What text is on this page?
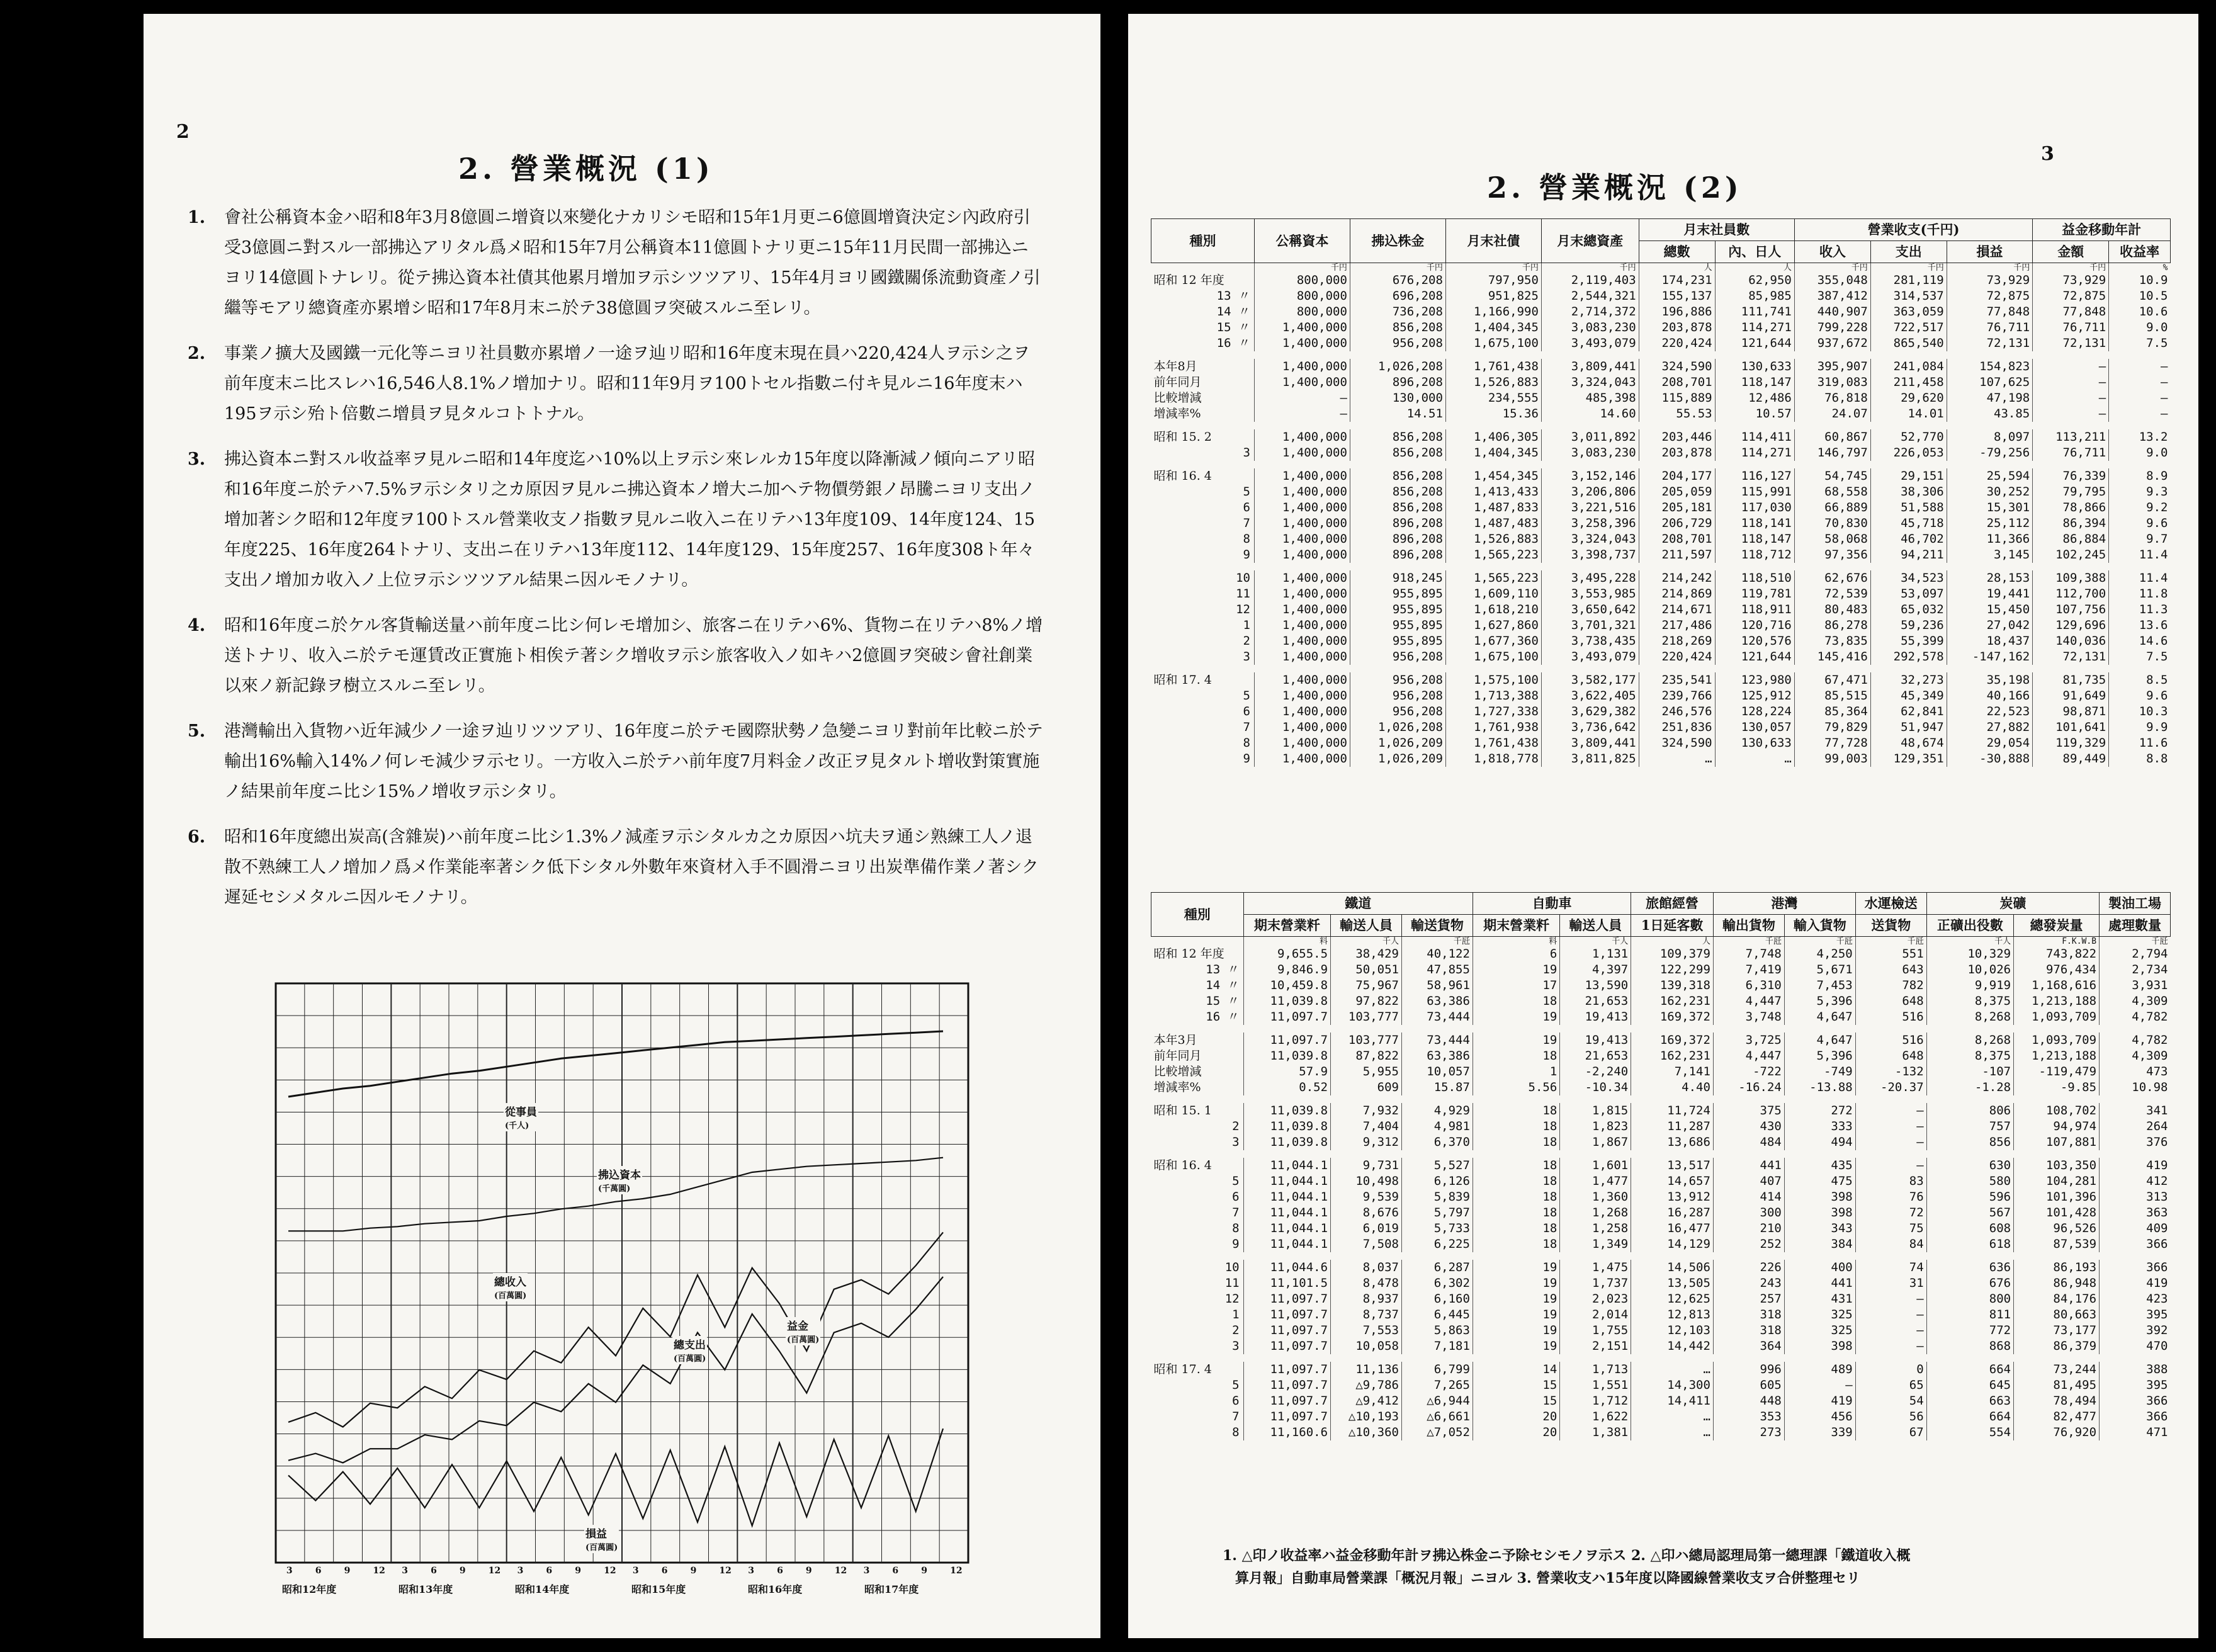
2
2. 營業概況 (1)
1. 會社公稱資本金ハ昭和8年3月8億圓ニ增資以來變化ナカリシモ昭和15年1月更ニ6億圓增資決定シ內政府引受3億圓ニ對スル一部拂込アリタル爲メ昭和15年7月公稱資本11億圓トナリ更ニ15年11月民間一部拂込ニヨリ14億圓トナレリ。從テ拂込資本社債其他累月增加ヲ示シツツアリ、15年4月ヨリ國鐵關係流動資產ノ引繼等モアリ總資產亦累增シ昭和17年8月末ニ於テ38億圓ヲ突破スルニ至レリ。
2. 事業ノ擴大及國鐵一元化等ニヨリ社員數亦累增ノ一途ヲ辿リ昭和16年度末現在員ハ220,424人ヲ示シ之ヲ前年度末ニ比スレハ16,546人8.1%ノ增加ナリ。昭和11年9月ヲ100トセル指數ニ付キ見ルニ16年度末ハ195ヲ示シ殆ト倍數ニ增員ヲ見タルコトトナル。
3. 拂込資本ニ對スル收益率ヲ見ルニ昭和14年度迄ハ10%以上ヲ示シ來レルカ15年度以降漸減ノ傾向ニアリ昭和16年度ニ於テハ7.5%ヲ示シタリ之カ原因ヲ見ルニ拂込資本ノ增大ニ加ヘテ物價勞銀ノ昂騰ニヨリ支出ノ增加著シク昭和12年度ヲ100トスル營業收支ノ指數ヲ見ルニ收入ニ在リテハ13年度109、14年度124、15年度225、16年度264トナリ、支出ニ在リテハ13年度112、14年度129、15年度257、16年度308ト年々支出ノ增加カ收入ノ上位ヲ示シツツアル結果ニ因ルモノナリ。
4. 昭和16年度ニ於ケル客貨輸送量ハ前年度ニ比シ何レモ增加シ、旅客ニ在リテハ6%、貨物ニ在リテハ8%ノ增送トナリ、收入ニ於テモ運賃改正實施ト相俟テ著シク增收ヲ示シ旅客收入ノ如キハ2億圓ヲ突破シ會社創業以來ノ新記錄ヲ樹立スルニ至レリ。
5. 港灣輸出入貨物ハ近年減少ノ一途ヲ辿リツツアリ、16年度ニ於テモ國際狀勢ノ急變ニヨリ對前年比較ニ於テ輸出16%輸入14%ノ何レモ減少ヲ示セリ。一方收入ニ於テハ前年度7月料金ノ改正ヲ見タルト增收對策實施ノ結果前年度ニ比シ15%ノ增收ヲ示シタリ。
6. 昭和16年度總出炭高(含雜炭)ハ前年度ニ比シ1.3%ノ減產ヲ示シタルカ之カ原因ハ坑夫ヲ通シ熟練工人ノ退散不熟練工人ノ增加ノ爲メ作業能率著シク低下シタル外數年來資材入手不圓滑ニヨリ出炭準備作業ノ著シク遲延セシメタルニ因ルモノナリ。
從事員
(千人)
拂込資本
(千萬圓)
總收入
(百萬圓)
總支出
(百萬圓)
益金
(百萬圓)
損益
(百萬圓)
昭和12年度	昭和13年度	昭和14年度	昭和15年度	昭和16年度	昭和17年度
3	6	9	12 3	6	9	12 3	6	9	12 3	6	9	12 3	6	9	12 3	6	9	12
3
2. 營業概況 (2)
種別	公稱資本	拂込株金	月末社債	月末總資產	月末社員數		營業收支(千円)			益金移動年計	
					總數	內、日人	收入	支出	損益	金額	收益率
	千円	千円	千円	千円	人	人	千円	千円	千円	千円	%
昭和 12 年度	800,000	676,208	797,950	2,119,403	174,231	62,950	355,048	281,119	73,929	73,929	10.9
13 〃	800,000	696,208	951,825	2,544,321	155,137	85,985	387,412	314,537	72,875	72,875	10.5
14 〃	800,000	736,208	1,166,990	2,714,372	196,886	111,741	440,907	363,059	77,848	77,848	10.6
15 〃	1,400,000	856,208	1,404,345	3,083,230	203,878	114,271	799,228	722,517	76,711	76,711	9.0
16 〃	1,400,000	956,208	1,675,100	3,493,079	220,424	121,644	937,672	865,540	72,131	72,131	7.5

本年8月	1,400,000	1,026,208	1,761,438	3,809,441	324,590	130,633	395,907	241,084	154,823	—	—
前年同月	1,400,000	896,208	1,526,883	3,324,043	208,701	118,147	319,083	211,458	107,625	—	—
比較增減	—	130,000	234,555	485,398	115,889	12,486	76,818	29,620	47,198	—	—
增減率%	—	14.51	15.36	14.60	55.53	10.57	24.07	14.01	43.85	—	—

昭和 15. 2	1,400,000	856,208	1,406,305	3,011,892	203,446	114,411	60,867	52,770	8,097	113,211	13.2
3	1,400,000	856,208	1,404,345	3,083,230	203,878	114,271	146,797	226,053	-79,256	76,711	9.0

昭和 16. 4	1,400,000	856,208	1,454,345	3,152,146	204,177	116,127	54,745	29,151	25,594	76,339	8.9
5	1,400,000	856,208	1,413,433	3,206,806	205,059	115,991	68,558	38,306	30,252	79,795	9.3
6	1,400,000	856,208	1,487,833	3,221,516	205,181	117,030	66,889	51,588	15,301	78,866	9.2
7	1,400,000	896,208	1,487,483	3,258,396	206,729	118,141	70,830	45,718	25,112	86,394	9.6
8	1,400,000	896,208	1,526,883	3,324,043	208,701	118,147	58,068	46,702	11,366	86,884	9.7
9	1,400,000	896,208	1,565,223	3,398,737	211,597	118,712	97,356	94,211	3,145	102,245	11.4

10	1,400,000	918,245	1,565,223	3,495,228	214,242	118,510	62,676	34,523	28,153	109,388	11.4
11	1,400,000	955,895	1,609,110	3,553,985	214,869	119,781	72,539	53,097	19,441	112,700	11.8
12	1,400,000	955,895	1,618,210	3,650,642	214,671	118,911	80,483	65,032	15,450	107,756	11.3
1	1,400,000	955,895	1,627,860	3,701,321	217,486	120,716	86,278	59,236	27,042	129,696	13.6
2	1,400,000	955,895	1,677,360	3,738,435	218,269	120,576	73,835	55,399	18,437	140,036	14.6
3	1,400,000	956,208	1,675,100	3,493,079	220,424	121,644	145,416	292,578	-147,162	72,131	7.5

昭和 17. 4	1,400,000	956,208	1,575,100	3,582,177	235,541	123,980	67,471	32,273	35,198	81,735	8.5
5	1,400,000	956,208	1,713,388	3,622,405	239,766	125,912	85,515	45,349	40,166	91,649	9.6
6	1,400,000	956,208	1,727,338	3,629,382	246,576	128,224	85,364	62,841	22,523	98,871	10.3
7	1,400,000	1,026,208	1,761,938	3,736,642	251,836	130,057	79,829	51,947	27,882	101,641	9.9
8	1,400,000	1,026,209	1,761,438	3,809,441	324,590	130,633	77,728	48,674	29,054	119,329	11.6
9	1,400,000	1,026,209	1,818,778	3,811,825	…	…	99,003	129,351	-30,888	89,449	8.8
種別	鐵道			自動車		旅館經營	港灣		水運檢送	炭礦		製油工場
	期末營業粁	輸送人員	輸送貨物	期末營業粁	輸送人員	1日延客數	輸出貨物	輸入貨物	送貨物	正礦出役數	總發炭量	處理數量
	料	千人	千瓩	料	千人	人	千瓩	千瓩	千瓩	千人	F.K.W.B	千瓩
昭和 12 年度	9,655.5	38,429	40,122	6	1,131	109,379	7,748	4,250	551	10,329	743,822	2,794
13 〃	9,846.9	50,051	47,855	19	4,397	122,299	7,419	5,671	643	10,026	976,434	2,734
14 〃	10,459.8	75,967	58,961	17	13,590	139,318	6,310	7,453	782	9,919	1,168,616	3,931
15 〃	11,039.8	97,822	63,386	18	21,653	162,231	4,447	5,396	648	8,375	1,213,188	4,309
16 〃	11,097.7	103,777	73,444	19	19,413	169,372	3,748	4,647	516	8,268	1,093,709	4,782

本年3月	11,097.7	103,777	73,444	19	19,413	169,372	3,725	4,647	516	8,268	1,093,709	4,782
前年同月	11,039.8	87,822	63,386	18	21,653	162,231	4,447	5,396	648	8,375	1,213,188	4,309
比較增減	57.9	5,955	10,057	1	-2,240	7,141	-722	-749	-132	-107	-119,479	473
增減率%	0.52	609	15.87	5.56	-10.34	4.40	-16.24	-13.88	-20.37	-1.28	-9.85	10.98

昭和 15. 1	11,039.8	7,932	4,929	18	1,815	11,724	375	272	—	806	108,702	341
2	11,039.8	7,404	4,981	18	1,823	11,287	430	333	—	757	94,974	264
3	11,039.8	9,312	6,370	18	1,867	13,686	484	494	—	856	107,881	376

昭和 16. 4	11,044.1	9,731	5,527	18	1,601	13,517	441	435	—	630	103,350	419
5	11,044.1	10,498	6,126	18	1,477	14,657	407	475	83	580	104,281	412
6	11,044.1	9,539	5,839	18	1,360	13,912	414	398	76	596	101,396	313
7	11,044.1	8,676	5,797	18	1,268	16,287	300	398	72	567	101,428	363
8	11,044.1	6,019	5,733	18	1,258	16,477	210	343	75	608	96,526	409
9	11,044.1	7,508	6,225	18	1,349	14,129	252	384	84	618	87,539	366

10	11,044.6	8,037	6,287	19	1,475	14,506	226	400	74	636	86,193	366
11	11,101.5	8,478	6,302	19	1,737	13,505	243	441	31	676	86,948	419
12	11,097.7	8,937	6,160	19	2,023	12,625	257	431	—	800	84,176	423
1	11,097.7	8,737	6,445	19	2,014	12,813	318	325	—	811	80,663	395
2	11,097.7	7,553	5,863	19	1,755	12,103	318	325	—	772	73,177	392
3	11,097.7	10,058	7,181	19	2,151	14,442	364	398	—	868	86,379	470

昭和 17. 4	11,097.7	11,136	6,799	14	1,713	…	996	489	0	664	73,244	388
5	11,097.7	△9,786	7,265	15	1,551	14,300	605	—	65	645	81,495	395
6	11,097.7	△9,412	△6,944	15	1,712	14,411	448	419	54	663	78,494	366
7	11,097.7	△10,193	△6,661	20	1,622	…	353	456	56	664	82,477	366
8	11,160.6	△10,360	△7,052	20	1,381	…	273	339	67	554	76,920	471
1. △印ノ收益率ハ益金移動年計ヲ拂込株金ニ予除セシモノヲ示ス 2. △印ハ總局認理局第一總理課「鐵道收入概
算月報」自動車局營業課「概況月報」ニヨル 3. 營業收支ハ15年度以降國線營業收支ヲ合併整理セリ
